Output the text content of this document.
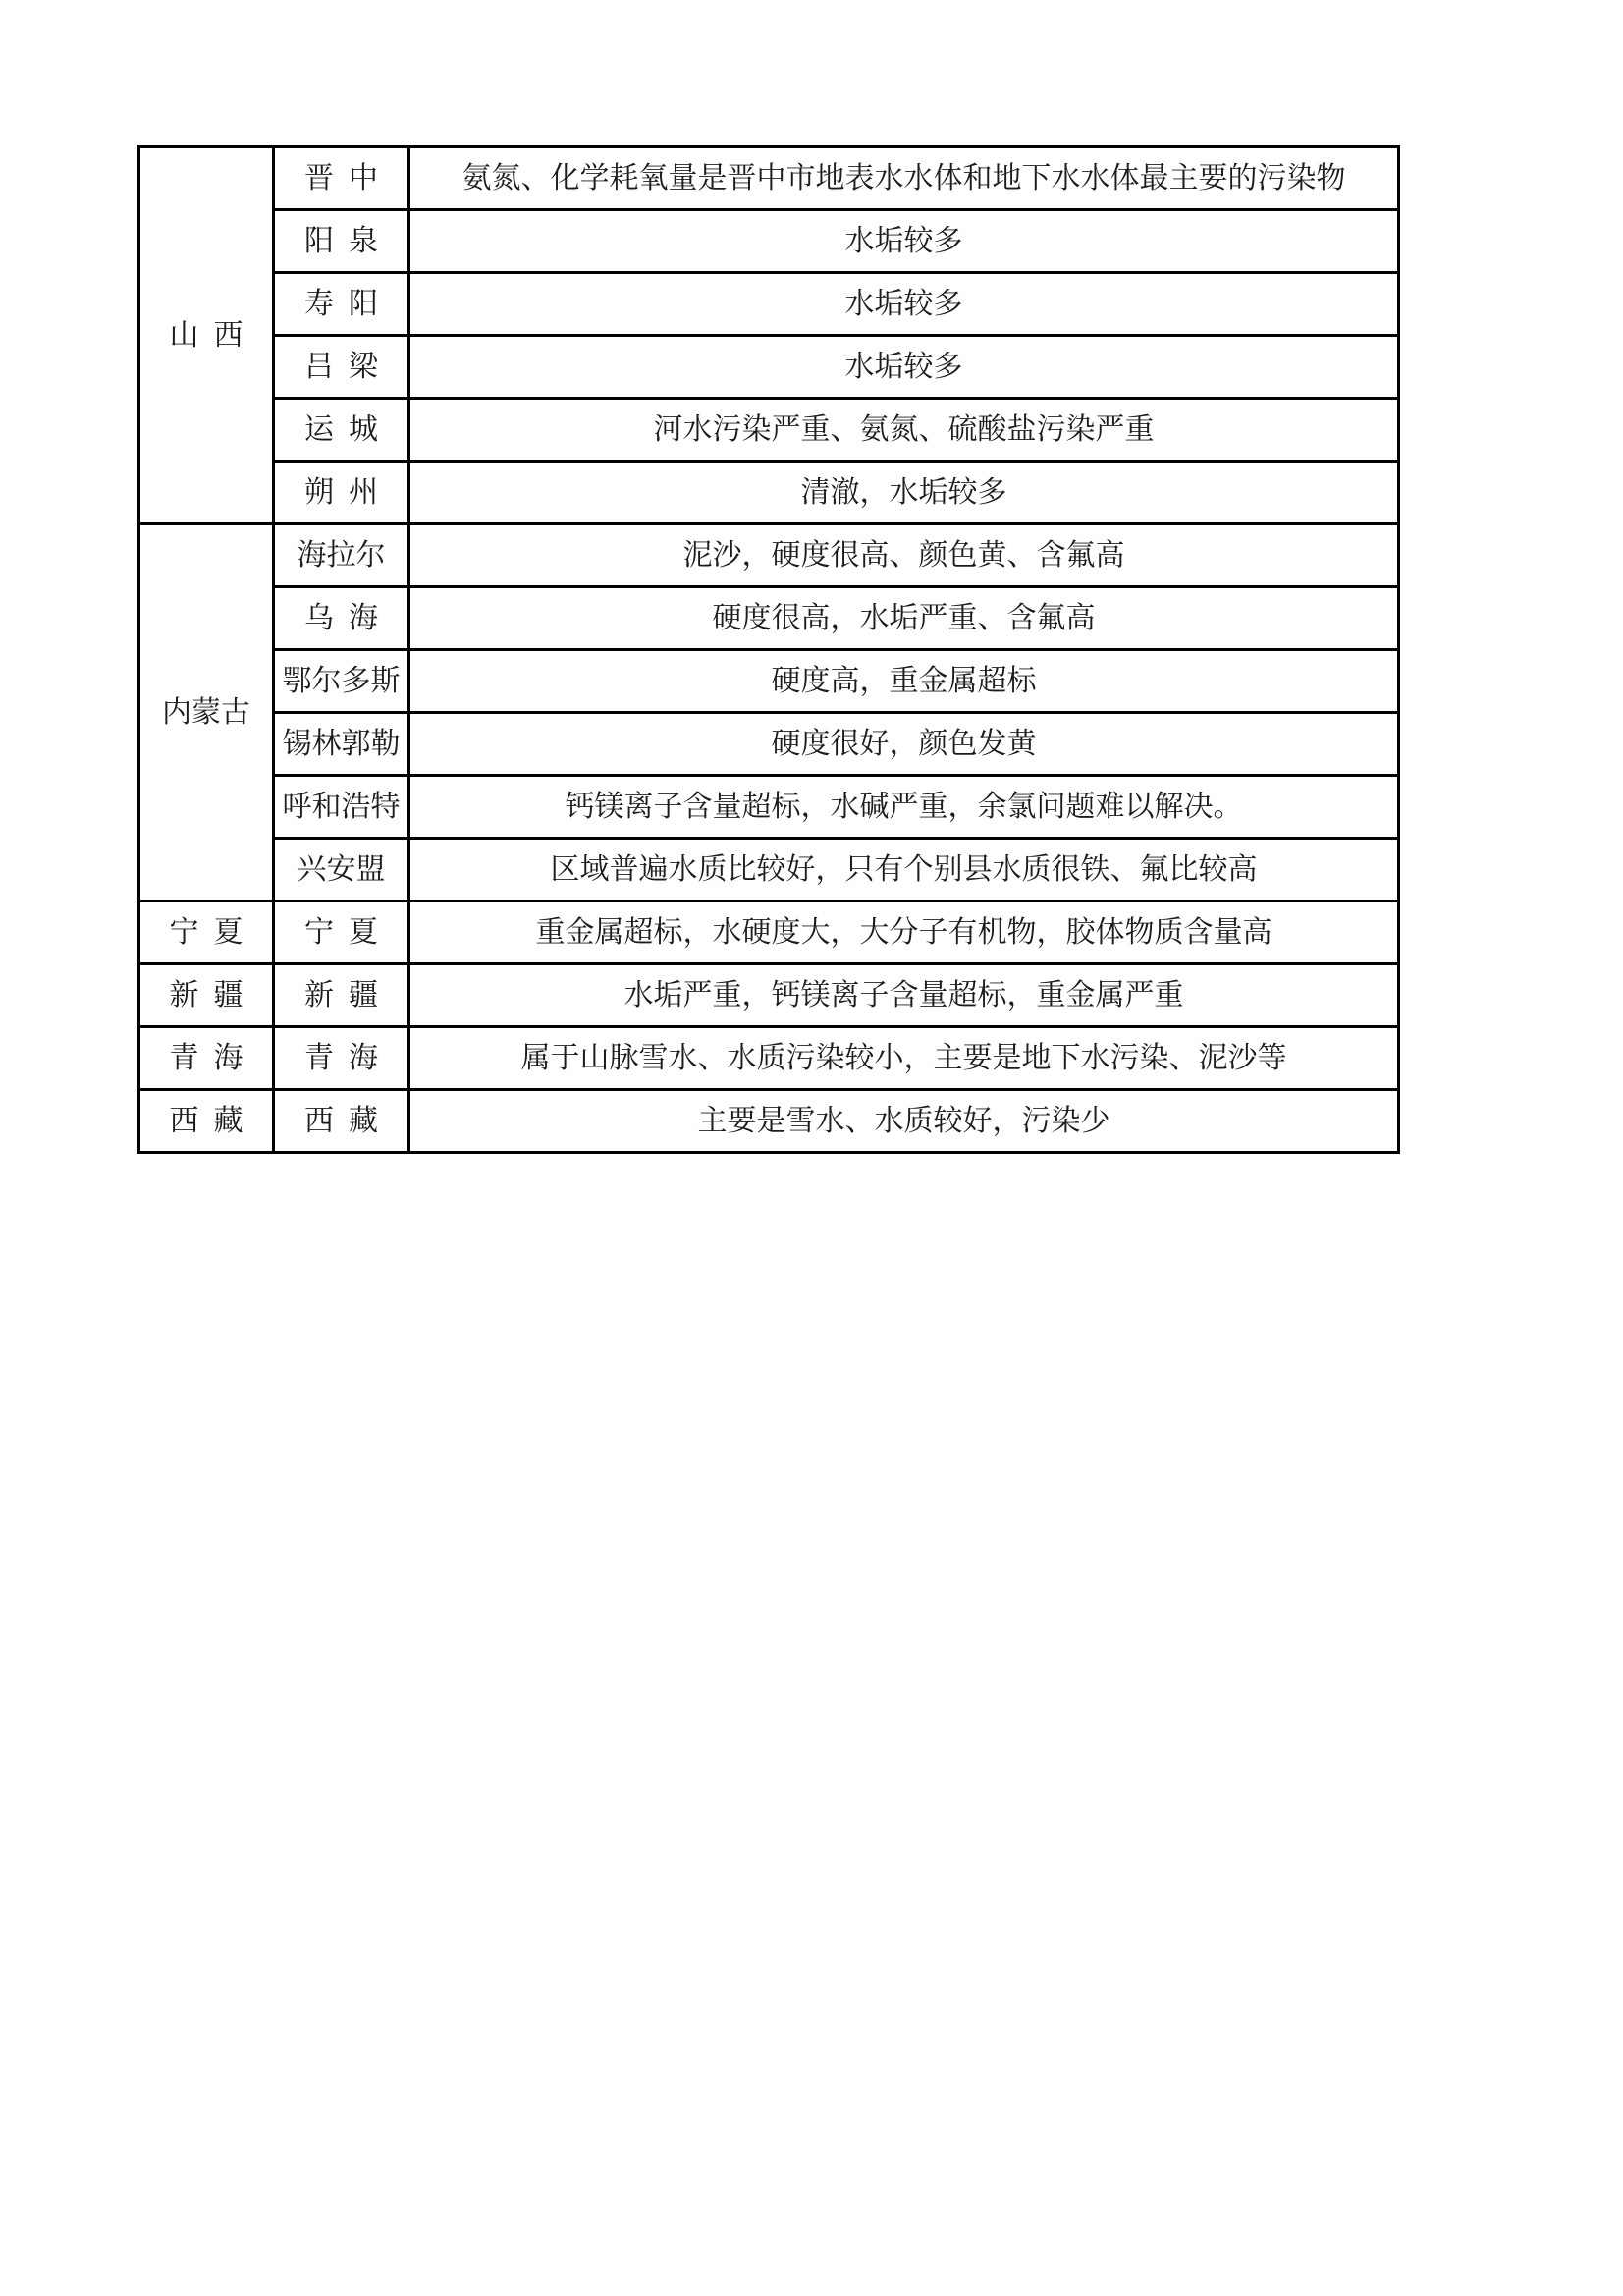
山西	晋中	氨氮、化学耗氧量是晋中市地表水水体和地下水水体最主要的污染物

	阳泉	水垢较多

	寿阳	水垢较多

	吕梁	水垢较多

	运城	河水污染严重、氨氮、硫酸盐污染严重

	朔州	清澈，水垢较多

内蒙古	海拉尔	泥沙，硬度很高、颜色黄、含氟高

	乌海	硬度很高，水垢严重、含氟高

	鄂尔多斯	硬度高，重金属超标

	锡林郭勒	硬度很好，颜色发黄

	呼和浩特	钙镁离子含量超标，水碱严重，余氯问题难以解决。

	兴安盟	区域普遍水质比较好，只有个别县水质很铁、氟比较高

宁夏	宁夏	重金属超标，水硬度大，大分子有机物，胶体物质含量高

新疆	新疆	水垢严重，钙镁离子含量超标，重金属严重

青海	青海	属于山脉雪水、水质污染较小，主要是地下水污染、泥沙等

西藏	西藏	主要是雪水、水质较好，污染少
